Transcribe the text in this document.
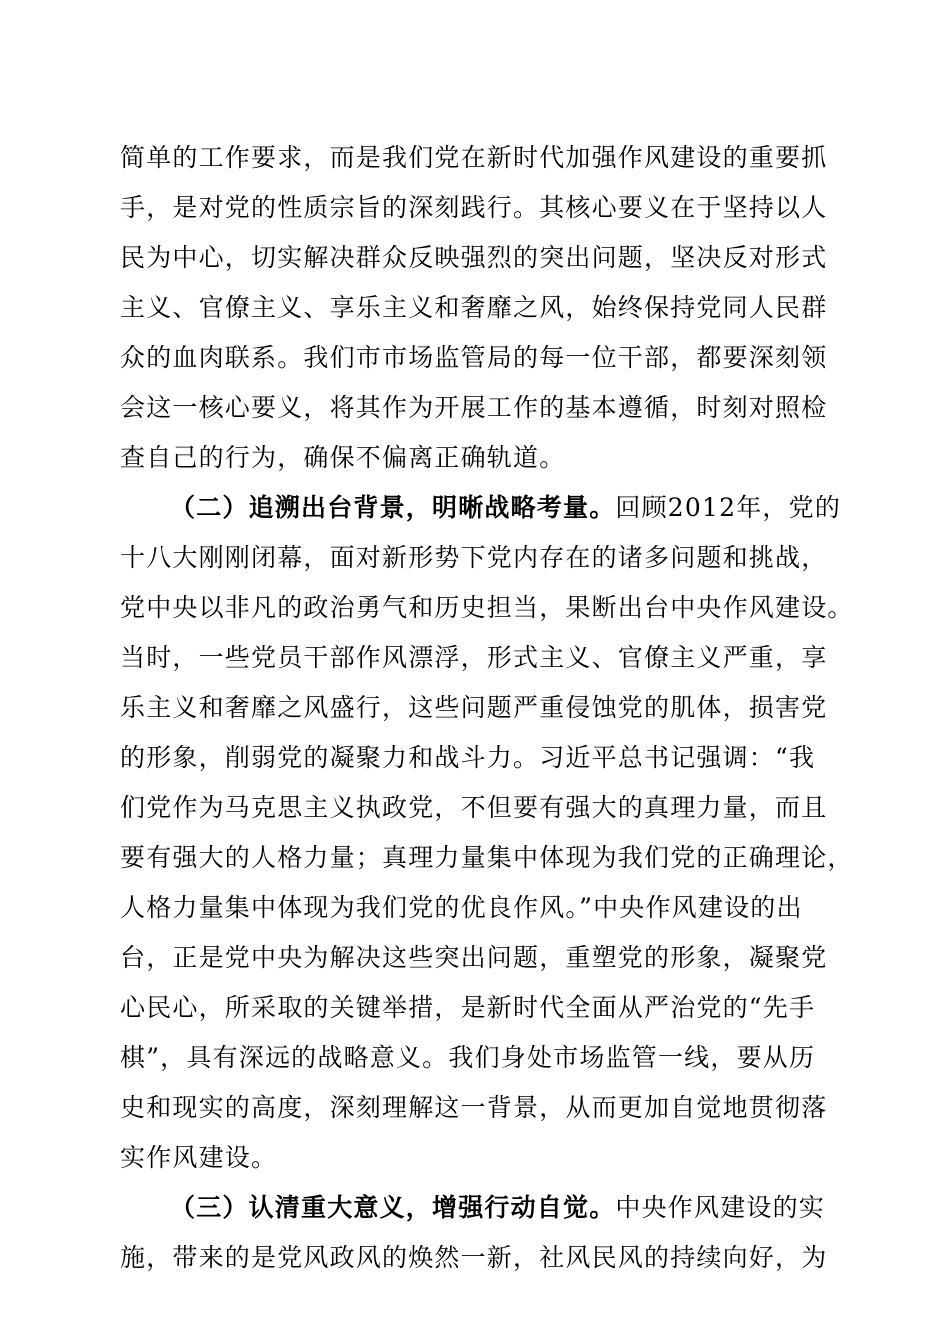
简单的工作要求，而是我们党在新时代加强作风建设的重要抓
手，是对党的性质宗旨的深刻践行。其核心要义在于坚持以人
民为中心，切实解决群众反映强烈的突出问题，坚决反对形式
主义、官僚主义、享乐主义和奢靡之风，始终保持党同人民群
众的血肉联系。我们市市场监管局的每一位干部，都要深刻领
会这一核心要义，将其作为开展工作的基本遵循，时刻对照检
查自己的行为，确保不偏离正确轨道。
（二）追溯出台背景，明晰战略考量。回顾2012年，党的
十八大刚刚闭幕，面对新形势下党内存在的诸多问题和挑战，
党中央以非凡的政治勇气和历史担当，果断出台中央作风建设。
当时，一些党员干部作风漂浮，形式主义、官僚主义严重，享
乐主义和奢靡之风盛行，这些问题严重侵蚀党的肌体，损害党
的形象，削弱党的凝聚力和战斗力。习近平总书记强调：“我
们党作为马克思主义执政党，不但要有强大的真理力量，而且
要有强大的人格力量；真理力量集中体现为我们党的正确理论，
人格力量集中体现为我们党的优良作风。”中央作风建设的出
台，正是党中央为解决这些突出问题，重塑党的形象，凝聚党
心民心，所采取的关键举措，是新时代全面从严治党的“先手
棋”，具有深远的战略意义。我们身处市场监管一线，要从历
史和现实的高度，深刻理解这一背景，从而更加自觉地贯彻落
实作风建设。
（三）认清重大意义，增强行动自觉。中央作风建设的实
施，带来的是党风政风的焕然一新，社风民风的持续向好，为
